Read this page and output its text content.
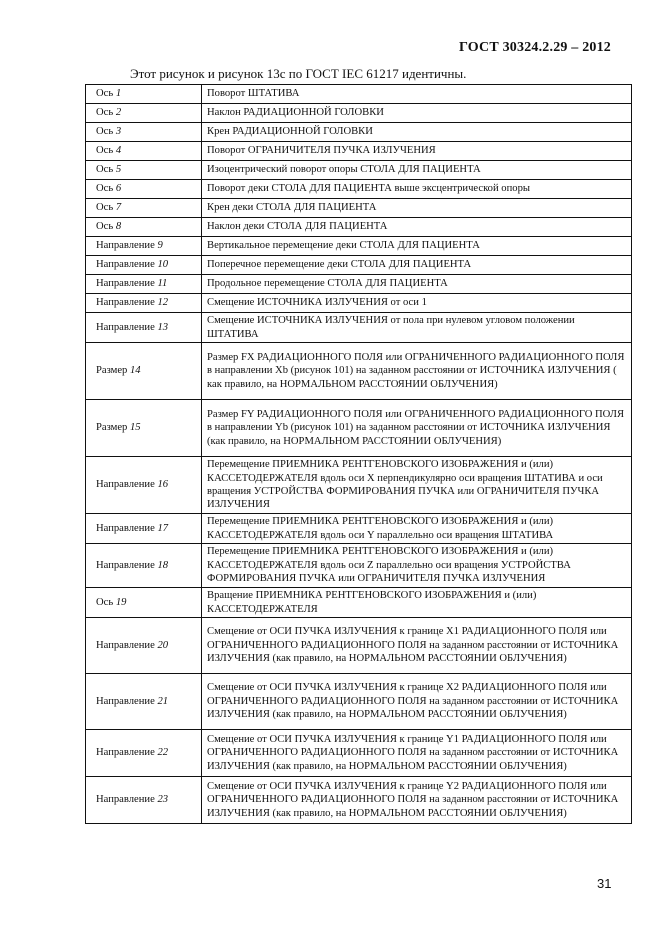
ГОСТ 30324.2.29 – 2012
Этот рисунок и рисунок 13с по ГОСТ IEC 61217 идентичны.
Ось 1	Поворот ШТАТИВА
Ось 2	Наклон РАДИАЦИОННОЙ ГОЛОВКИ
Ось 3	Крен РАДИАЦИОННОЙ ГОЛОВКИ
Ось 4	Поворот ОГРАНИЧИТЕЛЯ ПУЧКА ИЗЛУЧЕНИЯ
Ось 5	Изоцентрический поворот опоры СТОЛА ДЛЯ ПАЦИЕНТА
Ось 6	Поворот деки СТОЛА ДЛЯ ПАЦИЕНТА выше эксцентрической опоры
Ось 7	Крен деки СТОЛА ДЛЯ ПАЦИЕНТА
Ось 8	Наклон деки СТОЛА ДЛЯ ПАЦИЕНТА
Направление 9	Вертикальное перемещение деки СТОЛА ДЛЯ ПАЦИЕНТА
Направление 10	Поперечное перемещение деки СТОЛА ДЛЯ ПАЦИЕНТА
Направление 11	Продольное перемещение СТОЛА ДЛЯ ПАЦИЕНТА
Направление 12	Смещение ИСТОЧНИКА ИЗЛУЧЕНИЯ от оси 1
Направление 13	Смещение ИСТОЧНИКА ИЗЛУЧЕНИЯ от пола при нулевом угловом положении ШТАТИВА
Размер 14	Размер FX РАДИАЦИОННОГО ПОЛЯ или ОГРАНИЧЕННОГО РАДИАЦИОННОГО ПОЛЯ в направлении Xb (рисунок 101) на заданном расстоянии от ИСТОЧНИКА ИЗЛУЧЕНИЯ ( как правило, на НОРМАЛЬНОМ РАССТОЯНИИ ОБЛУЧЕНИЯ)
Размер 15	Размер FY РАДИАЦИОННОГО ПОЛЯ или ОГРАНИЧЕННОГО РАДИАЦИОННОГО ПОЛЯ в направлении Yb (рисунок 101) на заданном расстоянии от ИСТОЧНИКА ИЗЛУЧЕНИЯ (как правило, на НОРМАЛЬНОМ РАССТОЯНИИ ОБЛУЧЕНИЯ)
Направление 16	Перемещение ПРИЕМНИКА РЕНТГЕНОВСКОГО ИЗОБРАЖЕНИЯ и (или) КАССЕТОДЕРЖАТЕЛЯ вдоль оси X перпендикулярно оси вращения ШТАТИВА и оси вращения УСТРОЙСТВА ФОРМИРОВАНИЯ ПУЧКА или ОГРАНИЧИТЕЛЯ ПУЧКА ИЗЛУЧЕНИЯ
Направление 17	Перемещение ПРИЕМНИКА РЕНТГЕНОВСКОГО ИЗОБРАЖЕНИЯ и (или) КАССЕТОДЕРЖАТЕЛЯ вдоль оси Y параллельно оси вращения ШТАТИВА
Направление 18	Перемещение ПРИЕМНИКА РЕНТГЕНОВСКОГО ИЗОБРАЖЕНИЯ и (или) КАССЕТОДЕРЖАТЕЛЯ вдоль оси Z параллельно оси вращения УСТРОЙСТВА ФОРМИРОВАНИЯ ПУЧКА или ОГРАНИЧИТЕЛЯ ПУЧКА ИЗЛУЧЕНИЯ
Ось 19	Вращение ПРИЕМНИКА РЕНТГЕНОВСКОГО ИЗОБРАЖЕНИЯ и (или) КАССЕТОДЕРЖАТЕЛЯ
Направление 20	Смещение от ОСИ ПУЧКА ИЗЛУЧЕНИЯ к границе X1 РАДИАЦИОННОГО ПОЛЯ или ОГРАНИЧЕННОГО РАДИАЦИОННОГО ПОЛЯ на заданном расстоянии от ИСТОЧНИКА ИЗЛУЧЕНИЯ (как правило, на НОРМАЛЬНОМ РАССТОЯНИИ ОБЛУЧЕНИЯ)
Направление 21	Смещение от ОСИ ПУЧКА ИЗЛУЧЕНИЯ к границе X2 РАДИАЦИОННОГО ПОЛЯ или ОГРАНИЧЕННОГО РАДИАЦИОННОГО ПОЛЯ на заданном расстоянии от ИСТОЧНИКА ИЗЛУЧЕНИЯ (как правило, на НОРМАЛЬНОМ РАССТОЯНИИ ОБЛУЧЕНИЯ)
Направление 22	Смещение от ОСИ ПУЧКА ИЗЛУЧЕНИЯ к границе Y1 РАДИАЦИОННОГО ПОЛЯ или ОГРАНИЧЕННОГО РАДИАЦИОННОГО ПОЛЯ на заданном расстоянии от ИСТОЧНИКА ИЗЛУЧЕНИЯ (как правило, на НОРМАЛЬНОМ РАССТОЯНИИ ОБЛУЧЕНИЯ)
Направление 23	Смещение от ОСИ ПУЧКА ИЗЛУЧЕНИЯ к границе Y2 РАДИАЦИОННОГО ПОЛЯ или ОГРАНИЧЕННОГО РАДИАЦИОННОГО ПОЛЯ на заданном расстоянии от ИСТОЧНИКА ИЗЛУЧЕНИЯ (как правило, на НОРМАЛЬНОМ РАССТОЯНИИ ОБЛУЧЕНИЯ)
31
